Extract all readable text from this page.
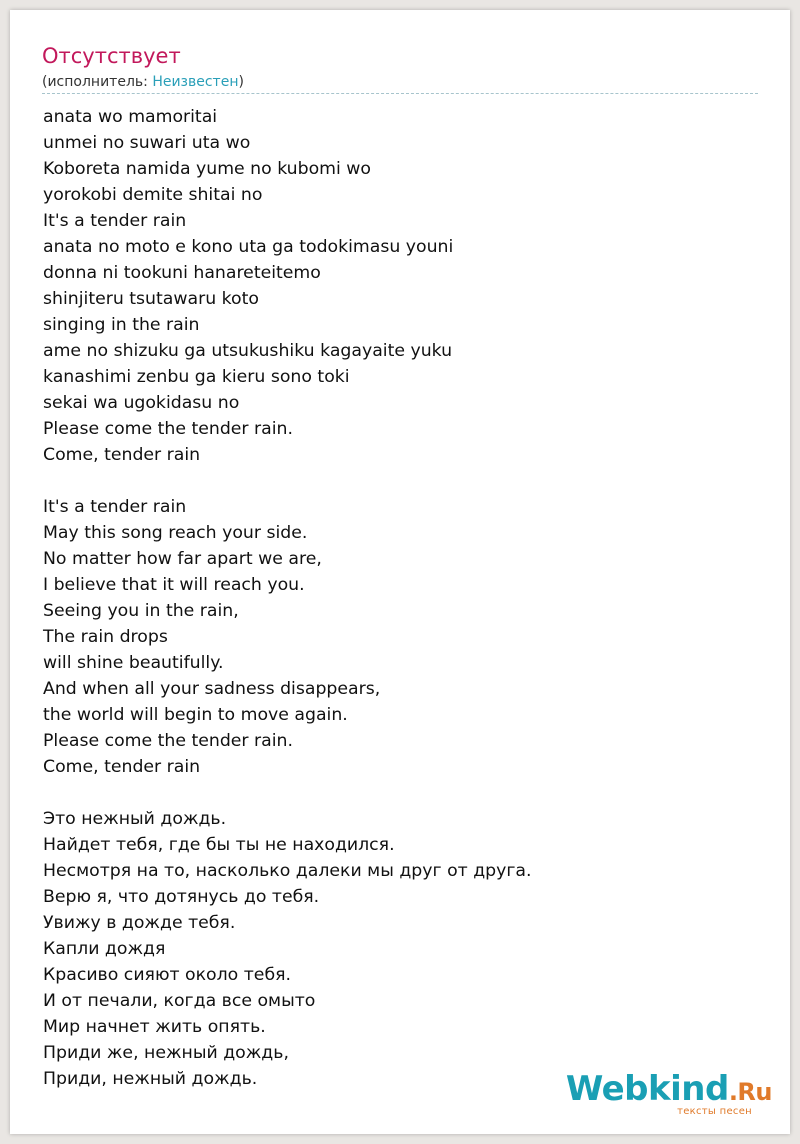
Отсутствует
(исполнитель: Неизвестен)
anata wo mamoritai
unmei no suwari uta wo
Koboreta namida yume no kubomi wo
yorokobi demite shitai no
It's a tender rain
anata no moto e kono uta ga todokimasu youni
donna ni tookuni hanareteitemo
shinjiteru tsutawaru koto
singing in the rain
ame no shizuku ga utsukushiku kagayaite yuku
kanashimi zenbu ga kieru sono toki
sekai wa ugokidasu no
Please come the tender rain.
Come, tender rain
It's a tender rain
May this song reach your side.
No matter how far apart we are,
I believe that it will reach you.
Seeing you in the rain,
The rain drops
will shine beautifully.
And when all your sadness disappears,
the world will begin to move again.
Please come the tender rain.
Come, tender rain
Это нежный дождь.
Найдет тебя, где бы ты не находился.
Несмотря на то, насколько далеки мы друг от друга.
Верю я, что дотянусь до тебя.
Увижу в дожде тебя.
Капли дождя
Красиво сияют около тебя.
И от печали, когда все омыто
Мир начнет жить опять.
Приди же, нежный дождь,
Приди, нежный дождь.	Webkind.Ru
тексты песен
